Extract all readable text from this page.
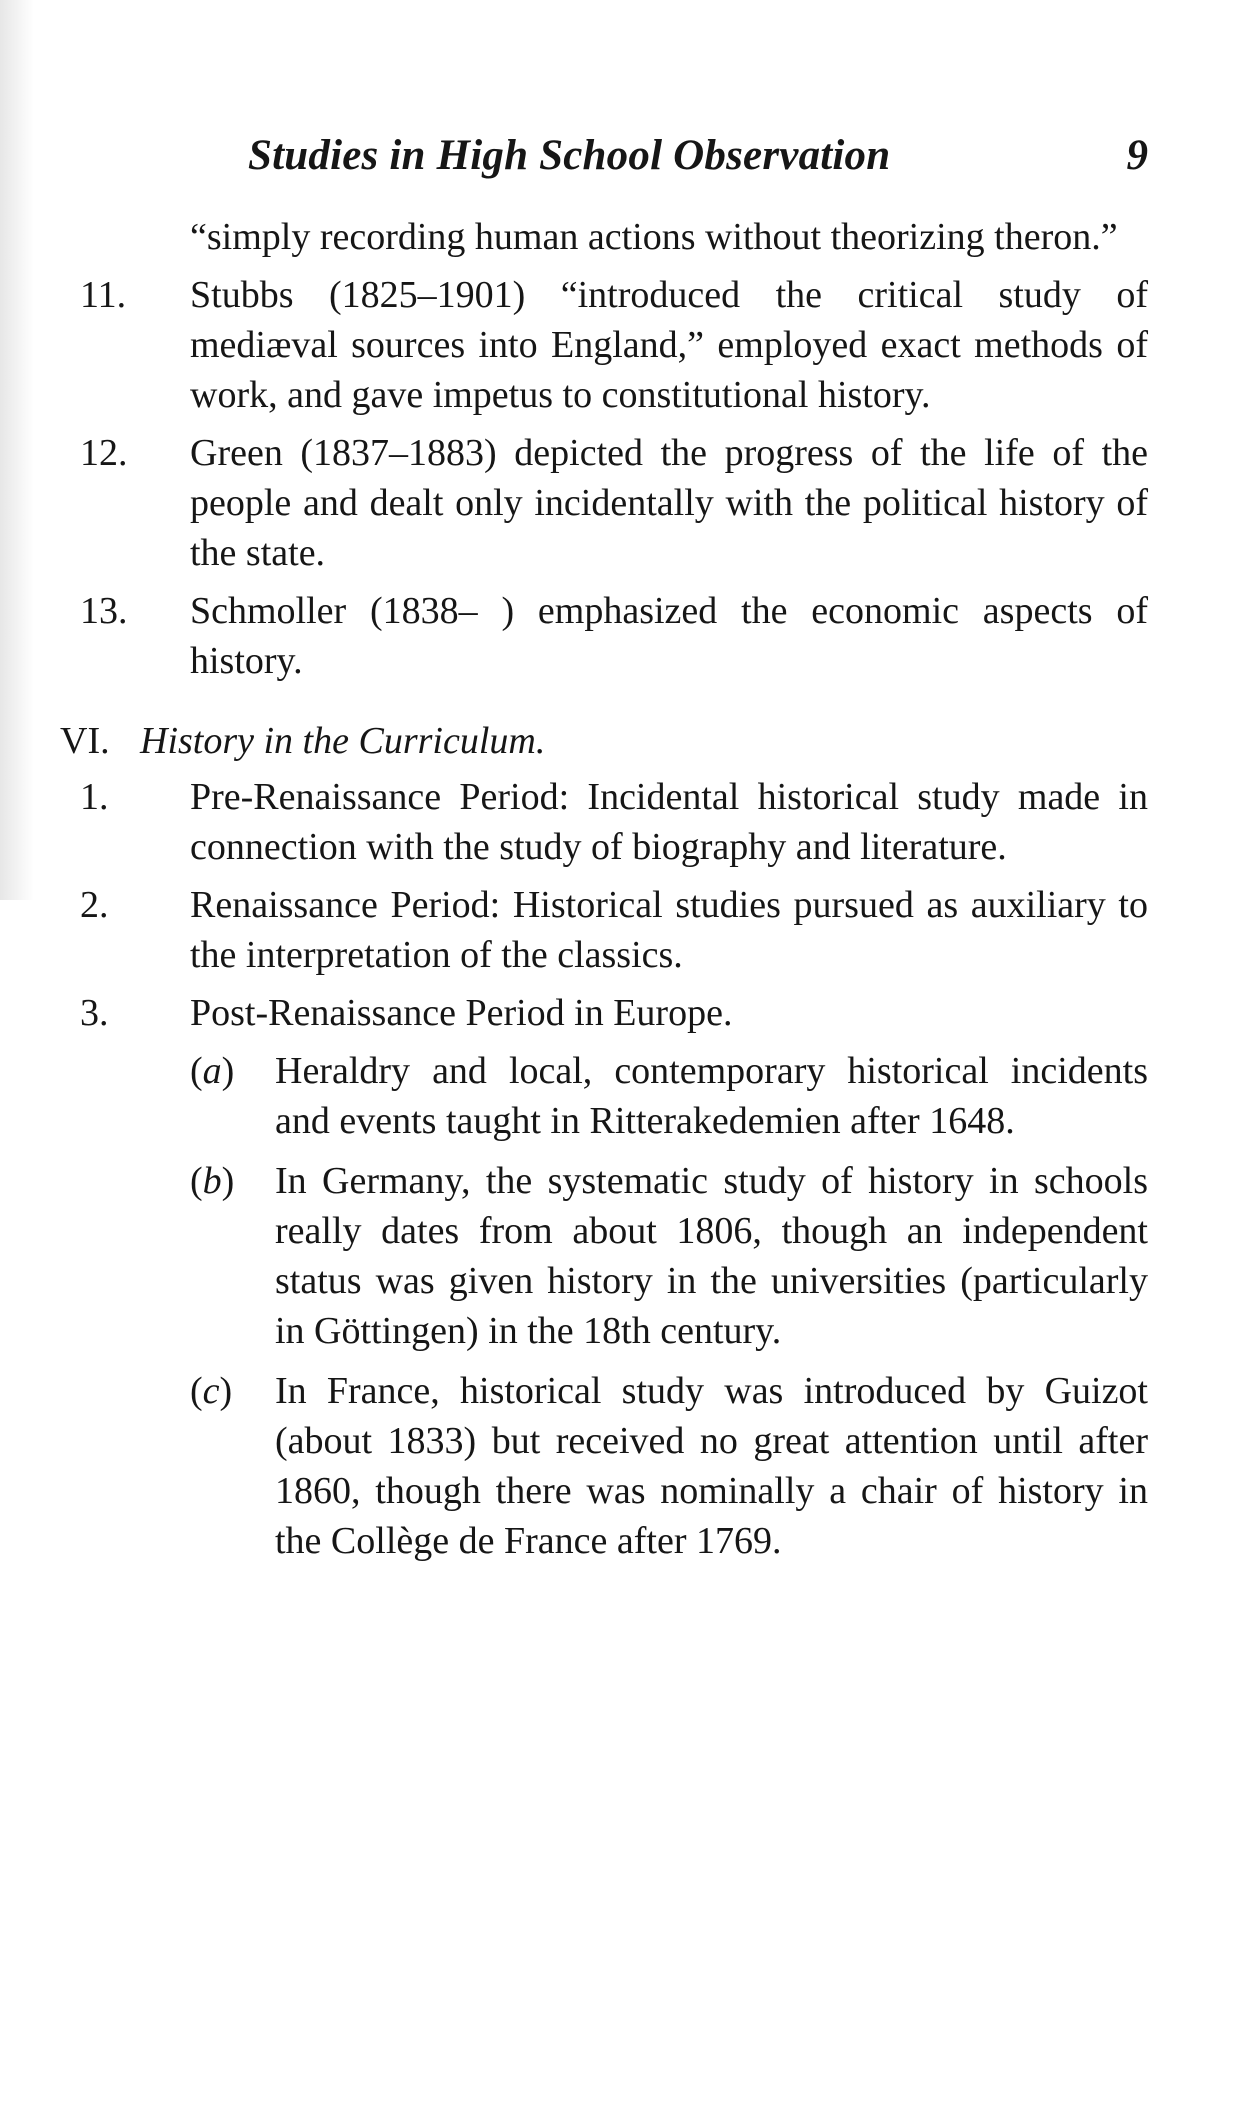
Studies in High School Observation	9

“simply recording human actions without theorizing theron.”

11. Stubbs (1825–1901) “introduced the critical study of mediæval sources into England,” employed exact methods of work, and gave impetus to constitutional history.
12. Green (1837–1883) depicted the progress of the life of the people and dealt only incidentally with the political history of the state.
13. Schmoller (1838– ) emphasized the economic aspects of history.
VI. History in the Curriculum.
1. Pre-Renaissance Period: Incidental historical study made in connection with the study of biography and literature.
2. Renaissance Period: Historical studies pursued as auxiliary to the interpretation of the classics.
3. Post-Renaissance Period in Europe.
(a) Heraldry and local, contemporary historical incidents and events taught in Ritterakedemien after 1648.
(b) In Germany, the systematic study of history in schools really dates from about 1806, though an independent status was given history in the universities (particularly in Göttingen) in the 18th century.
(c) In France, historical study was introduced by Guizot (about 1833) but received no great attention until after 1860, though there was nominally a chair of history in the Collège de France after 1769.
